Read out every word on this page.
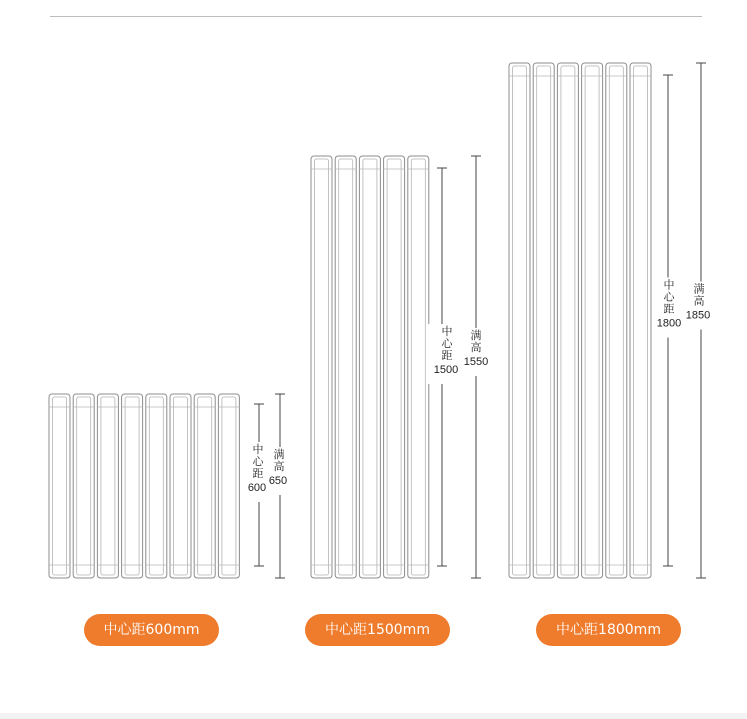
中
心
距
600
满
高
650
中
心
距
1500
满
高
1550
中
心
距
1800
满
高
1850
中心距600mm	中心距1500mm	中心距1800mm
